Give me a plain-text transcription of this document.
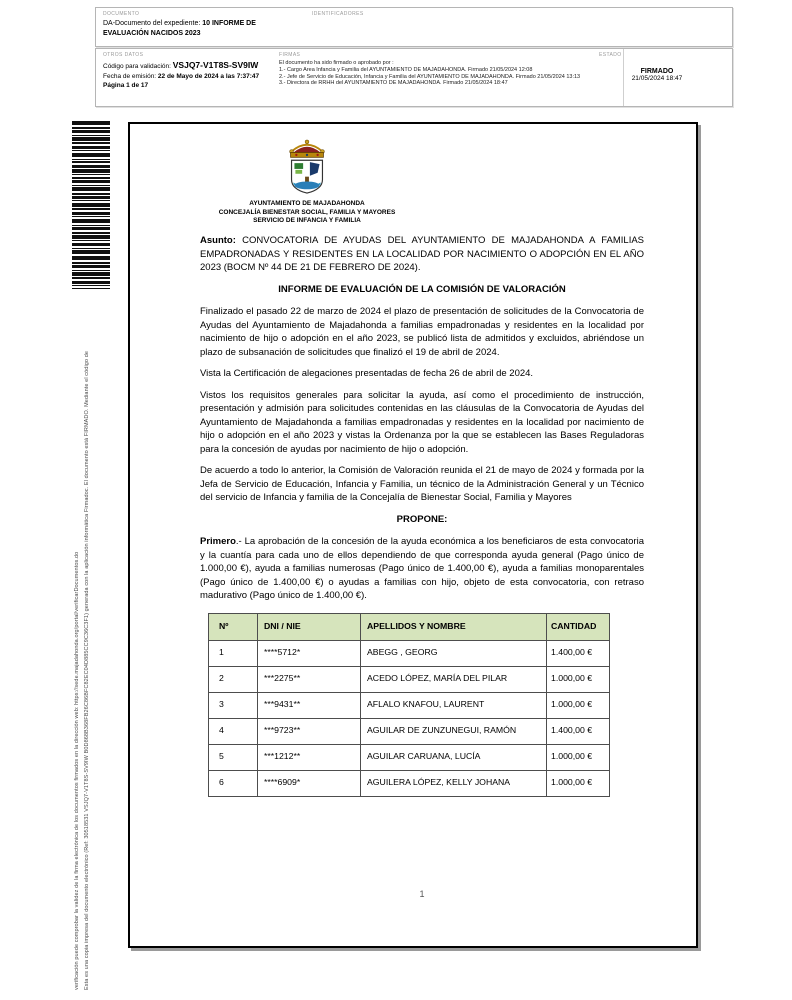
DOCUMENTO	IDENTIFICADORES
DA-Documento del expediente: 10 INFORME DE EVALUACIÓN NACIDOS 2023
OTROS DATOS	FIRMAS	ESTADO
Código para validación: VSJQ7-V1T8S-SV9IW
Fecha de emisión: 22 de Mayo de 2024 a las 7:37:47
Página 1 de 17
El documento ha sido firmado o aprobado por :
1.- Cargo Area Infancia y Familia del AYUNTAMIENTO DE MAJADAHONDA. Firmado 21/05/2024 12:08
2.- Jefe de Servicio de Educación, Infancia y Familia del AYUNTAMIENTO DE MAJADAHONDA. Firmado 21/05/2024 13:13
3.- Directora de RRHH del AYUNTAMIENTO DE MAJADAHONDA. Firmado 21/05/2024 18:47
FIRMADO
21/05/2024 18:47
Esta es una copia impresa del documento electrónico (Ref: 30518531 VSJQ7-V1T8S-SV9IW B0D868B368FB26C86BFC82EC04D885CC9C36C3F1) generada con la aplicación informática Firmadoc. El documento está FIRMADO. Mediante el código de
verificación puede comprobar la validez de la firma electrónica de los documentos firmados en la dirección web: https://sede.majadahonda.org/portal/verificarDocumentos.do
AYUNTAMIENTO DE MAJADAHONDA
CONCEJALÍA BIENESTAR SOCIAL, FAMILIA Y MAYORES
SERVICIO DE INFANCIA Y FAMILIA

Asunto: CONVOCATORIA DE AYUDAS DEL AYUNTAMIENTO DE MAJADAHONDA A FAMILIAS EMPADRONADAS Y RESIDENTES EN LA LOCALIDAD POR NACIMIENTO O ADOPCIÓN EN EL AÑO 2023 (BOCM Nº 44 DE 21 DE FEBRERO DE 2024).

INFORME DE EVALUACIÓN DE LA COMISIÓN DE VALORACIÓN

Finalizado el pasado 22 de marzo de 2024 el plazo de presentación de solicitudes de la Convocatoria de Ayudas del Ayuntamiento de Majadahonda a familias empadronadas y residentes en la localidad por nacimiento de hijo o adopción en el año 2023, se publicó lista de admitidos y excluidos, abriéndose un plazo de subsanación de solicitudes que finalizó el 19 de abril de 2024.

Vista la Certificación de alegaciones presentadas de fecha 26 de abril de 2024.

Vistos los requisitos generales para solicitar la ayuda, así como el procedimiento de instrucción, presentación y admisión para solicitudes contenidas en las cláusulas de la Convocatoria de Ayudas del Ayuntamiento de Majadahonda a familias empadronadas y residentes en la localidad por nacimiento de hijo o adopción en el año 2023 y vistas la Ordenanza por la que se establecen las Bases Reguladoras para la concesión de ayudas por nacimiento de hijo o adopción.

De acuerdo a todo lo anterior, la Comisión de Valoración reunida el 21 de mayo de 2024 y formada por la Jefa de Servicio de Educación, Infancia y Familia, un técnico de la Administración General y un Técnico del servicio de Infancia y familia de la Concejalía de Bienestar Social, Familia y Mayores

PROPONE:

Primero.- La aprobación de la concesión de la ayuda económica a los beneficiaros de esta convocatoria y la cuantía para cada uno de ellos dependiendo de que corresponda ayuda general (Pago único de 1.000,00 €), ayuda a familias numerosas (Pago único de 1.400,00 €), ayuda a familias monoparentales (Pago único de 1.400,00 €) o ayudas a familias con hijo, objeto de esta convocatoria, con retraso madurativo (Pago único de 1.400,00 €).

Nº	DNI / NIE	APELLIDOS Y NOMBRE	CANTIDAD
1	****5712*	ABEGG , GEORG	1.400,00 €
2	***2275**	ACEDO LÓPEZ, MARÍA DEL PILAR	1.000,00 €
3	***9431**	AFLALO KNAFOU, LAURENT	1.000,00 €
4	***9723**	AGUILAR DE ZUNZUNEGUI, RAMÓN	1.400,00 €
5	***1212**	AGUILAR CARUANA, LUCÍA	1.000,00 €
6	****6909*	AGUILERA LÓPEZ, KELLY JOHANA	1.000,00 €
1
